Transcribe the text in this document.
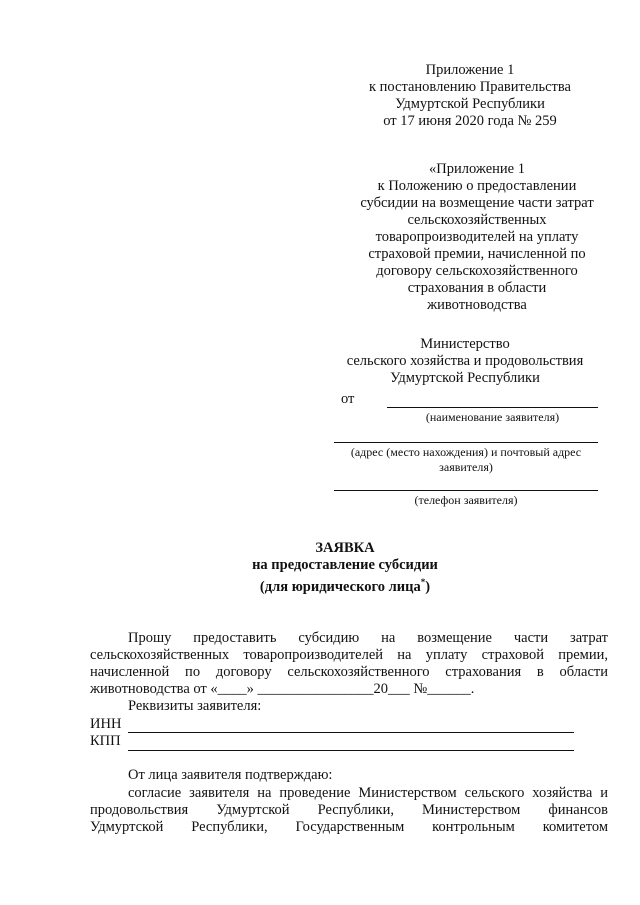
Приложение 1
к постановлению Правительства
Удмуртской Республики
от 17 июня 2020 года № 259
«Приложение 1
к Положению о предоставлении
субсидии на возмещение части затрат
сельскохозяйственных
товаропроизводителей на уплату
страховой премии, начисленной по
договору сельскохозяйственного
страхования в области
животноводства
Министерство
сельского хозяйства и продовольствия
Удмуртской Республики
от
(наименование заявителя)
(адрес (место нахождения) и почтовый адрес
заявителя)
(телефон заявителя)
ЗАЯВКА
на предоставление субсидии
(для юридического лица*)
Прошу предоставить субсидию на возмещение части затрат
сельскохозяйственных товаропроизводителей на уплату страховой премии,
начисленной по договору сельскохозяйственного страхования в области
животноводства от «____» ________________20___ №______.
Реквизиты заявителя:
ИНН
КПП
От лица заявителя подтверждаю:
согласие заявителя на проведение Министерством сельского хозяйства и
продовольствия Удмуртской Республики, Министерством финансов
Удмуртской Республики, Государственным контрольным комитетом
